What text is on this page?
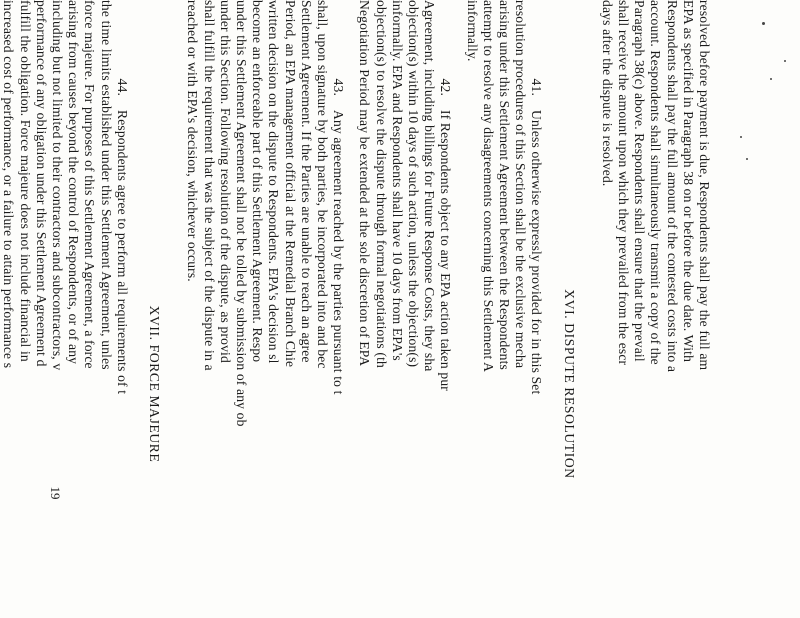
resolved before payment is due, Respondents shall pay the full am
EPA as specified in Paragraph 38 on or before the due date. With
Respondents shall pay the full amount of the contested costs into a
account. Respondents shall simultaneously transmit a copy of the
Paragraph 38(c) above. Respondents shall ensure that the prevail
shall receive the amount upon which they prevailed from the escr
days after the dispute is resolved.
XVI. DISPUTE RESOLUTION
41.Unless otherwise expressly provided for in this Set
resolution procedures of this Section shall be the exclusive mecha
arising under this Settlement Agreement between the Respondents
attempt to resolve any disagreements concerning this Settlement A
informally.
42.If Respondents object to any EPA action taken pur
Agreement, including billings for Future Response Costs, they sha
objection(s) within 10 days of such action, unless the objection(s)
informally. EPA and Respondents shall have 10 days from EPA's
objection(s) to resolve the dispute through formal negotiations (th
Negotiation Period may be extended at the sole discretion of EPA
43.Any agreement reached by the parties pursuant to t
shall, upon signature by both parties, be incorporated into and bec
Settlement Agreement. If the Parties are unable to reach an agree
Period, an EPA management official at the Remedial Branch Chie
written decision on the dispute to Respondents. EPA's decision sl
become an enforceable part of this Settlement Agreement. Respo
under this Settlement Agreement shall not be tolled by submission of any ob
under this Section. Following resolution of the dispute, as provid
shall fulfill the requirement that was the subject of the dispute in a
reached or with EPA's decision, whichever occurs.
XVII. FORCE MAJEURE
44.Respondents agree to perform all requirements of t
the time limits established under this Settlement Agreement, unles
force majeure. For purposes of this Settlement Agreement, a force
arising from causes beyond the control of Respondents, or of any
including but not limited to their contractors and subcontractors, v
performance of any obligation under this Settlement Agreement d
fulfill the obligation. Force majeure does not include financial in
increased cost of performance, or a failure to attain performance s
19
